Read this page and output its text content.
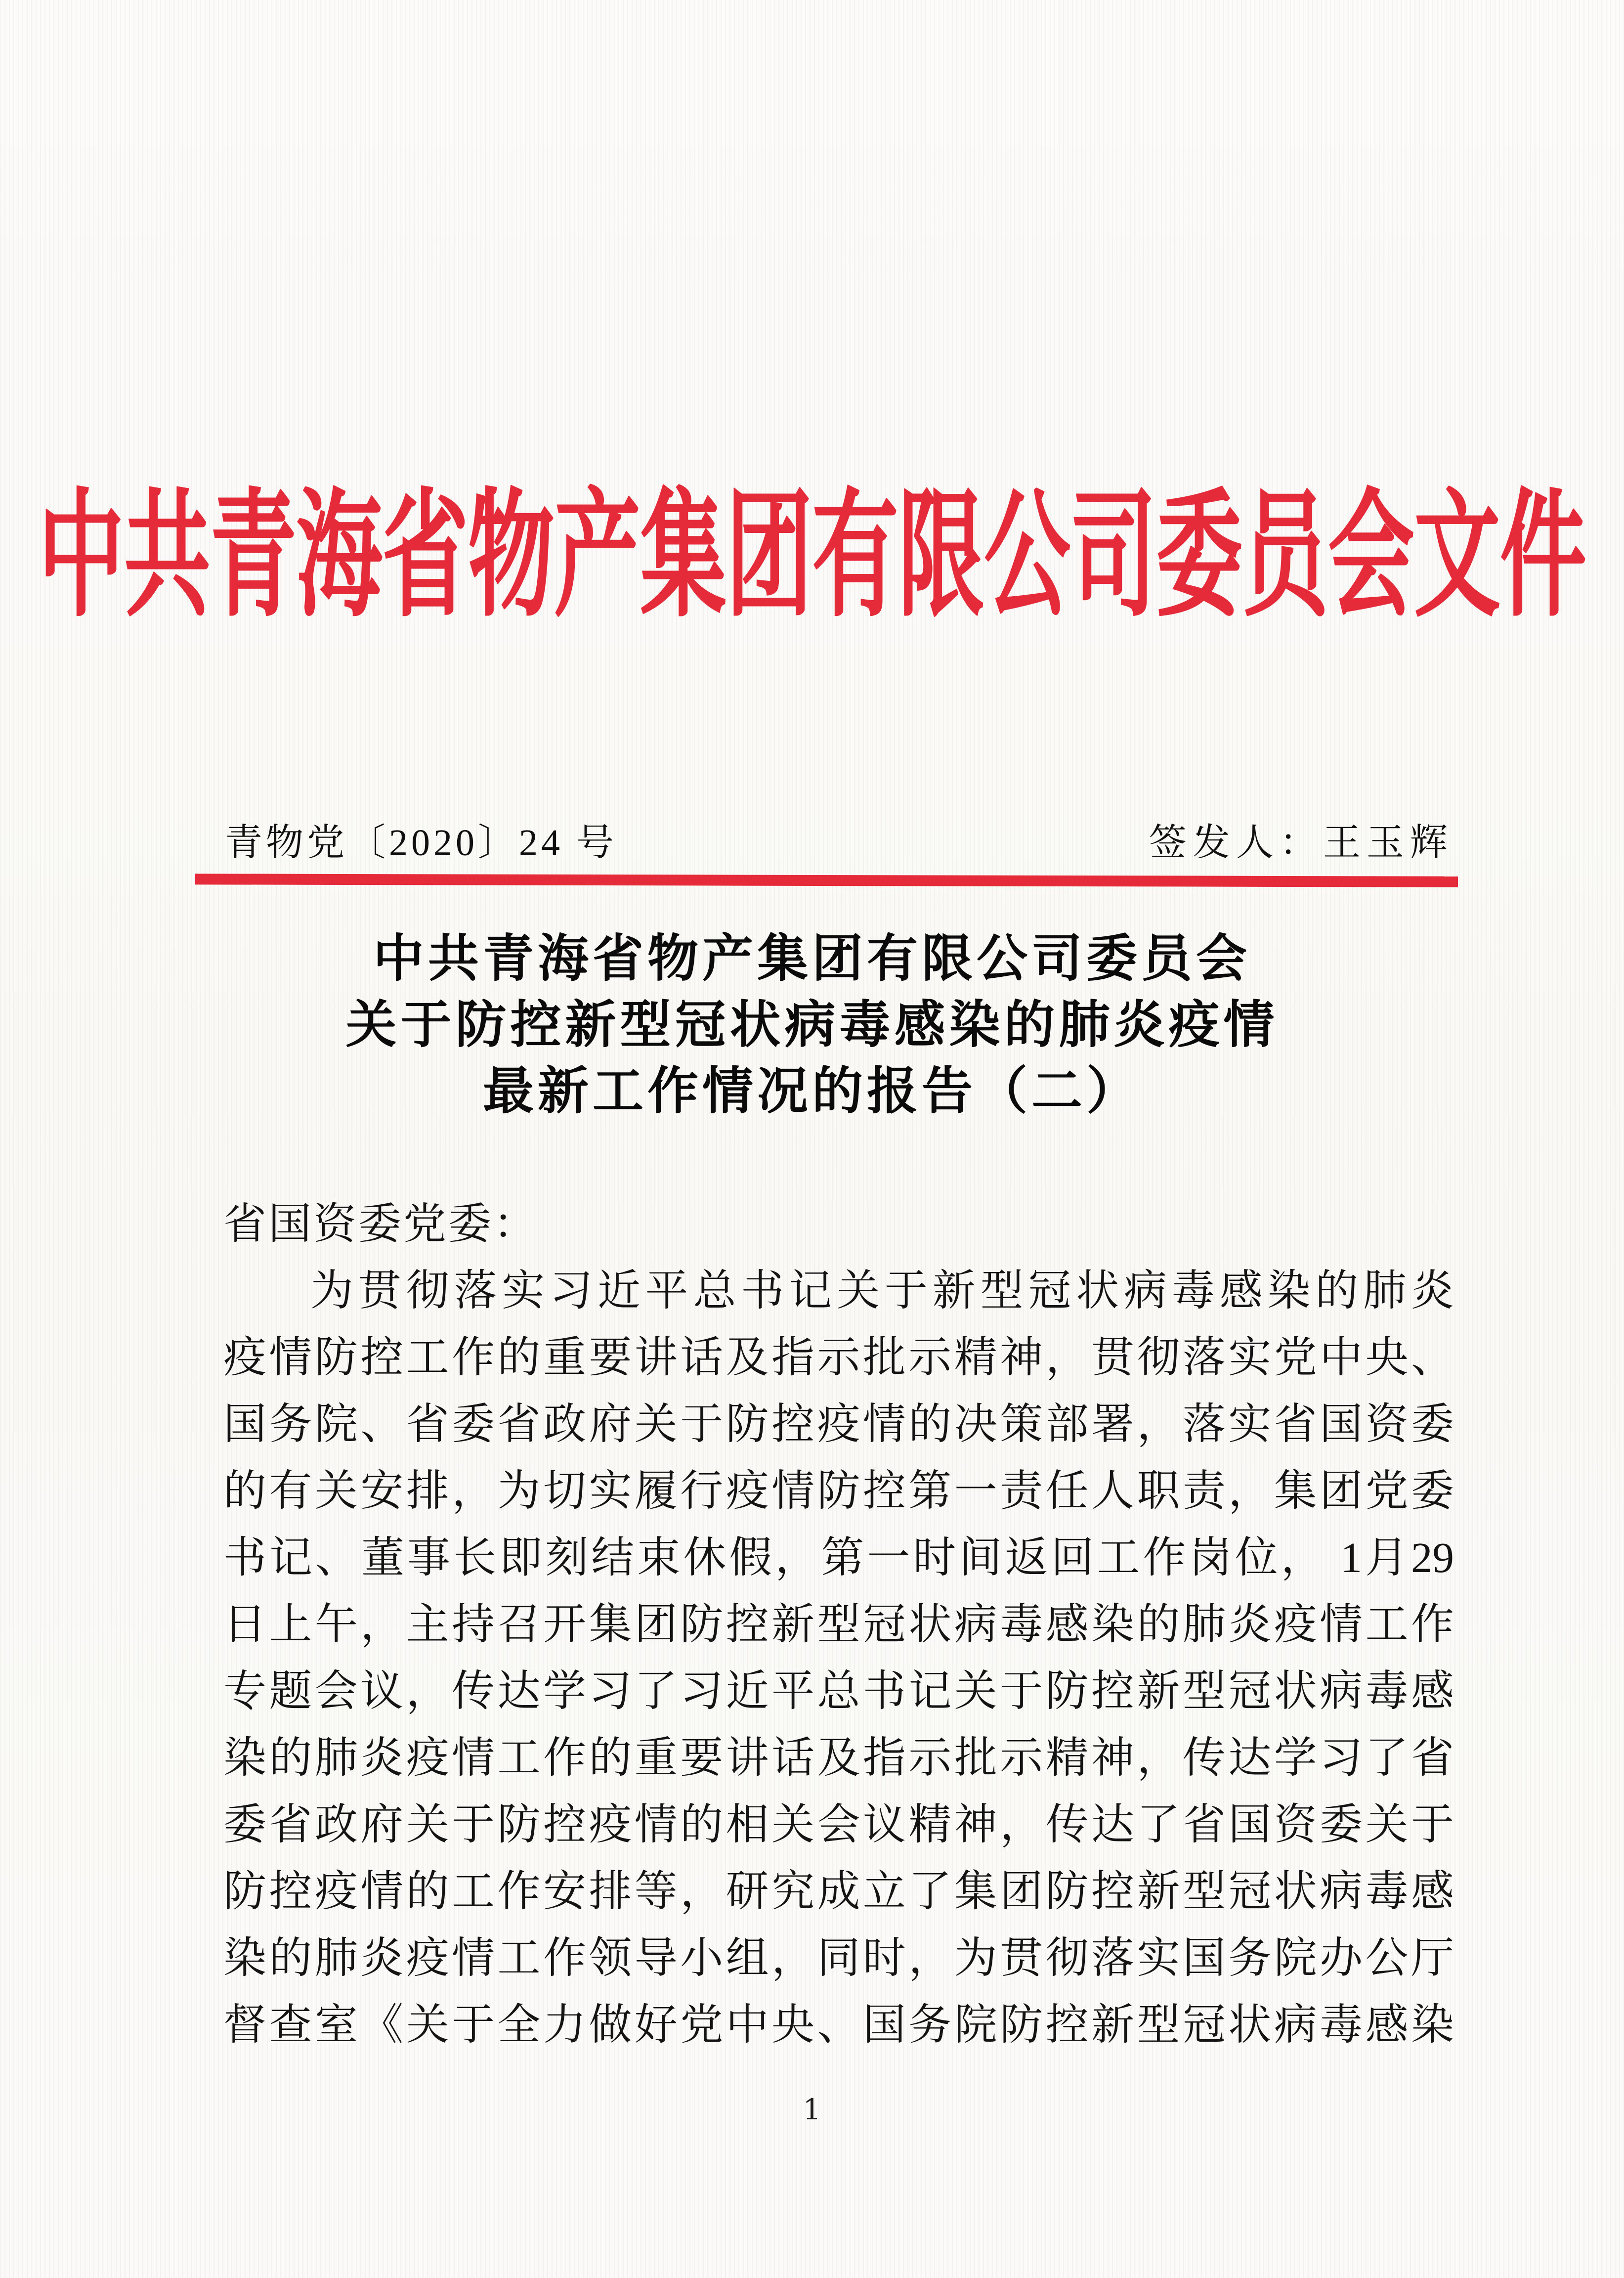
中共青海省物产集团有限公司委员会文件
青物党〔2020〕24 号	签发人：王玉辉
中共青海省物产集团有限公司委员会
关于防控新型冠状病毒感染的肺炎疫情
最新工作情况的报告（二）
省国资委党委：
为贯彻落实习近平总书记关于新型冠状病毒感染的肺炎
疫情防控工作的重要讲话及指示批示精神，贯彻落实党中央、
国务院、省委省政府关于防控疫情的决策部署，落实省国资委
的有关安排，为切实履行疫情防控第一责任人职责，集团党委
书记、董事长即刻结束休假，第一时间返回工作岗位， 1月29
日上午，主持召开集团防控新型冠状病毒感染的肺炎疫情工作
专题会议，传达学习了习近平总书记关于防控新型冠状病毒感
染的肺炎疫情工作的重要讲话及指示批示精神，传达学习了省
委省政府关于防控疫情的相关会议精神，传达了省国资委关于
防控疫情的工作安排等，研究成立了集团防控新型冠状病毒感
染的肺炎疫情工作领导小组，同时，为贯彻落实国务院办公厅
督查室《关于全力做好党中央、国务院防控新型冠状病毒感染
1
